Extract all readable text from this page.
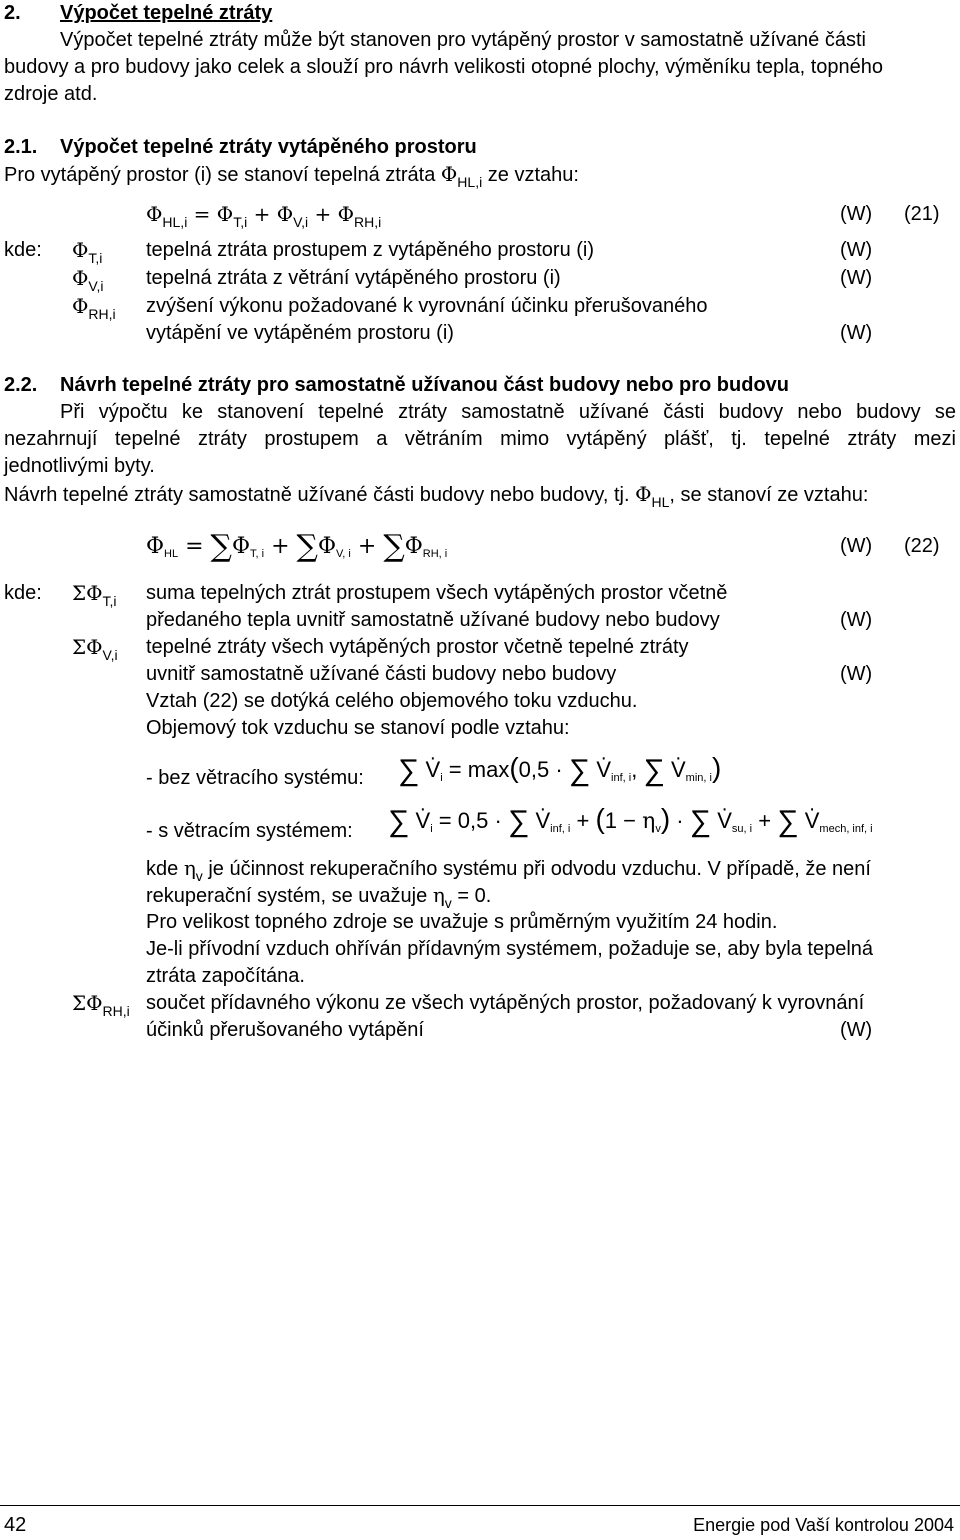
2. Výpočet tepelné ztráty
Výpočet tepelné ztráty může být stanoven pro vytápěný prostor v samostatně užívané části
budovy a pro budovy jako celek a slouží pro návrh velikosti otopné plochy, výměníku tepla, topného
zdroje atd.
2.1. Výpočet tepelné ztráty vytápěného prostoru
Pro vytápěný prostor (i) se stanoví tepelná ztráta $\Phi_{HL,i}$ ze vztahu:
$\Phi_{HL,i} = \Phi_{T,i} + \Phi_{V,i} + \Phi_{RH,i}$	(W) (21)
kde: $\Phi_{T,i}$ tepelná ztráta prostupem z vytápěného prostoru (i)	(W)
$\Phi_{V,i}$ tepelná ztráta z větrání vytápěného prostoru (i)	(W)
$\Phi_{RH,i}$ zvýšení výkonu požadované k vyrovnání účinku přerušovaného
vytápění ve vytápěném prostoru (i)	(W)
2.2. Návrh tepelné ztráty pro samostatně užívanou část budovy nebo pro budovu
Při výpočtu ke stanovení tepelné ztráty samostatně užívané části budovy nebo budovy se
nezahrnují tepelné ztráty prostupem a větráním mimo vytápěný plášť, tj. tepelné ztráty mezi
jednotlivými byty.
Návrh tepelné ztráty samostatně užívané části budovy nebo budovy, tj. $\Phi_{HL}$, se stanoví ze vztahu:
ΦHL = ∑ΦT, i + ∑ΦV, i + ∑ΦRH, i	(W) (22)
kde: $\Sigma\Phi_{T,i}$ suma tepelných ztrát prostupem všech vytápěných prostor včetně
předaného tepla uvnitř samostatně užívané budovy nebo budovy	(W)
$\Sigma\Phi_{V,i}$ tepelné ztráty všech vytápěných prostor včetně tepelné ztráty
uvnitř samostatně užívané části budovy nebo budovy	(W)
Vztah (22) se dotýká celého objemového toku vzduchu.
Objemový tok vzduchu se stanoví podle vztahu:
- bez větracího systému: ∑ · Vi = max(0,5 · ∑ · Vinf, i, ∑ · Vmin, i)
- s větracím systémem: ∑ · Vi = 0,5 · ∑ · Vinf, i + (1 − ηv) · ∑ · Vsu, i + ∑ · Vmech, inf, i
kde $\eta_v$ je účinnost rekuperačního systému při odvodu vzduchu. V případě, že není
rekuperační systém, se uvažuje $\eta_v = 0$.
Pro velikost topného zdroje se uvažuje s průměrným využitím 24 hodin.
Je-li přívodní vzduch ohříván přídavným systémem, požaduje se, aby byla tepelná
ztráta započítána.
$\Sigma\Phi_{RH,i}$ součet přídavného výkonu ze všech vytápěných prostor, požadovaný k vyrovnání
účinků přerušovaného vytápění	(W)
42	Energie pod Vaší kontrolou 2004
